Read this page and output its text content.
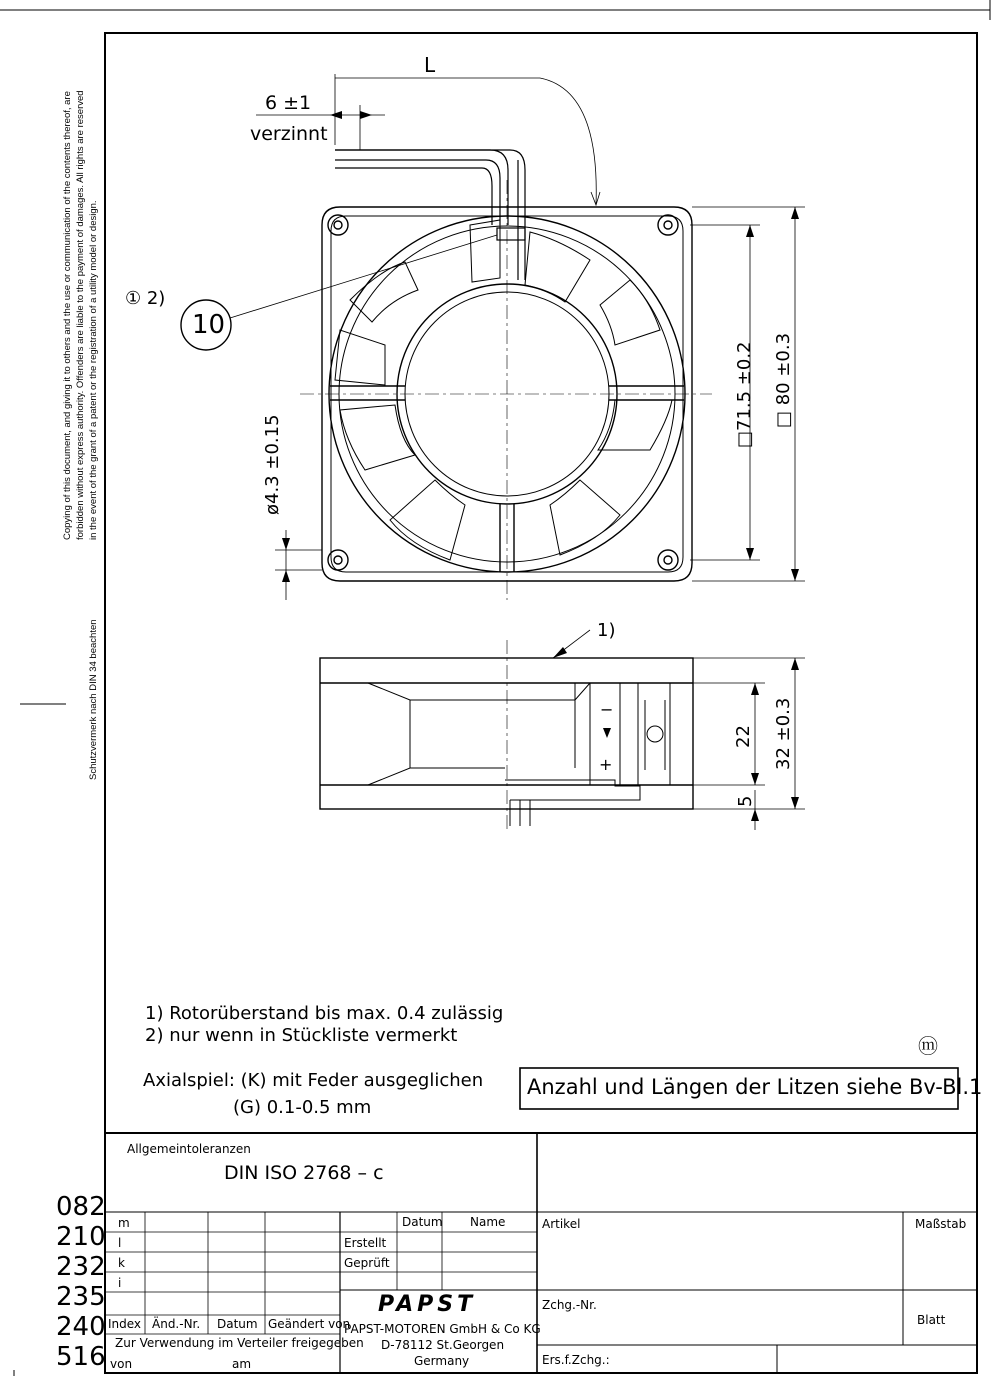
Copying of this document, and giving it to others and the use or communication of the contents thereof, are forbidden without express authority. Offenders are liable to the payment of damages. All rights are reserved in the event of the grant of a patent or the registration of a utility model or design.
Schutzvermerk nach DIN 34 beachten
L
6 ±1
verzinnt
① 2)
10
ø4.3 ±0.15
□71.5 ±0.2 □ 80 ±0.3
1)
22 32 ±0.3
5
−
+
1) Rotorüberstand bis max. 0.4 zulässig
2) nur wenn in Stückliste vermerkt
Axialspiel: (K) mit Feder ausgeglichen
(G) 0.1-0.5 mm
ⓜ
Anzahl und Längen der Litzen siehe Bv-Bl.1
082
210
232
235
240
516
Allgemeintoleranzen
DIN ISO 2768 – c
m
l
k
i
Index Änd.-Nr. Datum Geändert von
Datum Name
Erstellt
Geprüft
PAPST
PAPST-MOTOREN GmbH & Co KG
D-78112 St.Georgen
Germany
Zur Verwendung im Verteiler freigegeben
von	am
Artikel	Maßstab
Zchg.-Nr.
Blatt
Ers.f.Zchg.:
